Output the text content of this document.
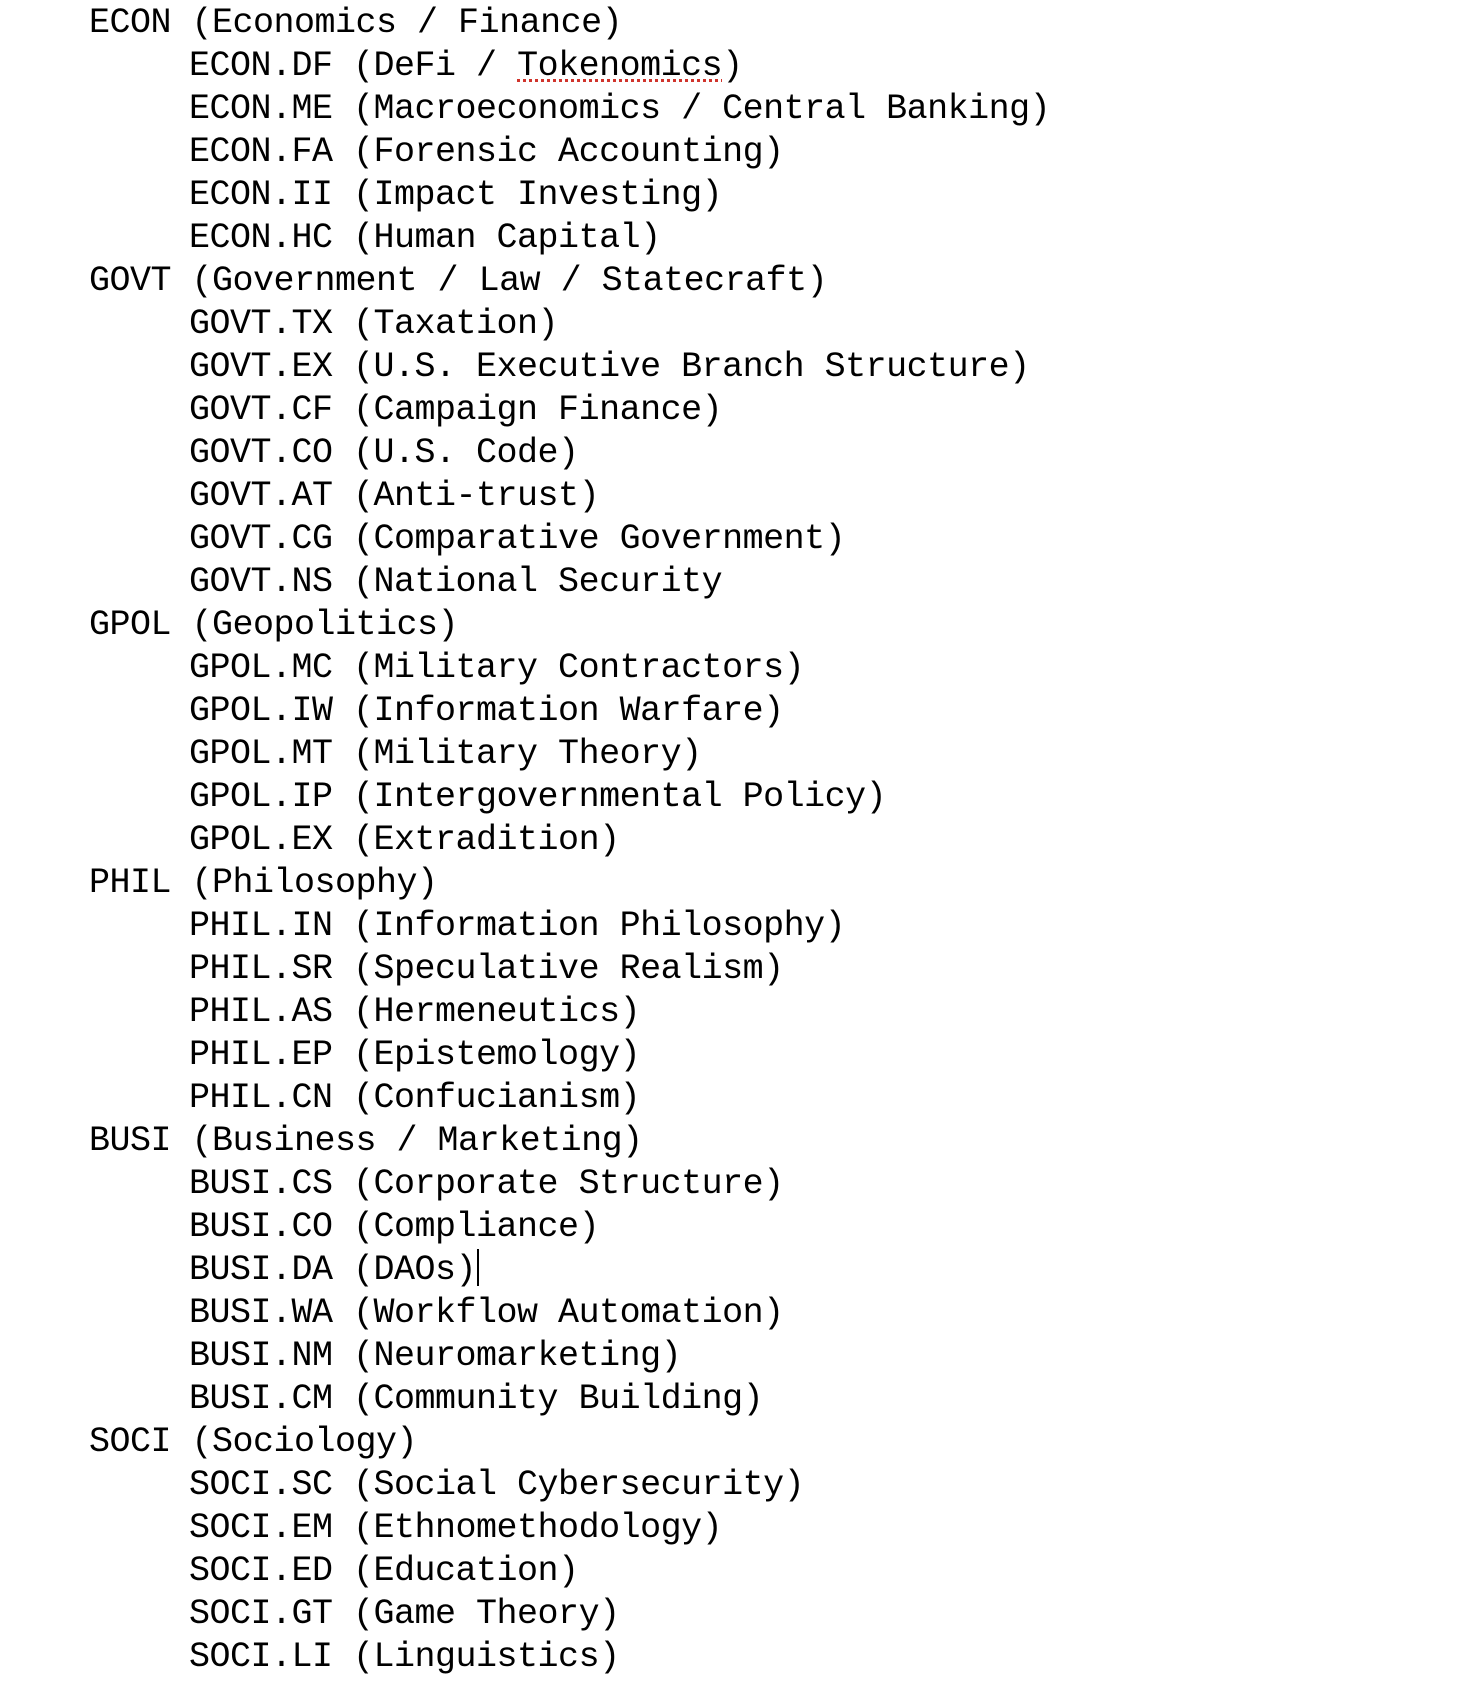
ECON (Economics / Finance)
ECON.DF (DeFi / Tokenomics)
ECON.ME (Macroeconomics / Central Banking)
ECON.FA (Forensic Accounting)
ECON.II (Impact Investing)
ECON.HC (Human Capital)
GOVT (Government / Law / Statecraft)
GOVT.TX (Taxation)
GOVT.EX (U.S. Executive Branch Structure)
GOVT.CF (Campaign Finance)
GOVT.CO (U.S. Code)
GOVT.AT (Anti-trust)
GOVT.CG (Comparative Government)
GOVT.NS (National Security
GPOL (Geopolitics)
GPOL.MC (Military Contractors)
GPOL.IW (Information Warfare)
GPOL.MT (Military Theory)
GPOL.IP (Intergovernmental Policy)
GPOL.EX (Extradition)
PHIL (Philosophy)
PHIL.IN (Information Philosophy)
PHIL.SR (Speculative Realism)
PHIL.AS (Hermeneutics)
PHIL.EP (Epistemology)
PHIL.CN (Confucianism)
BUSI (Business / Marketing)
BUSI.CS (Corporate Structure)
BUSI.CO (Compliance)
BUSI.DA (DAOs)
BUSI.WA (Workflow Automation)
BUSI.NM (Neuromarketing)
BUSI.CM (Community Building)
SOCI (Sociology)
SOCI.SC (Social Cybersecurity)
SOCI.EM (Ethnomethodology)
SOCI.ED (Education)
SOCI.GT (Game Theory)
SOCI.LI (Linguistics)
